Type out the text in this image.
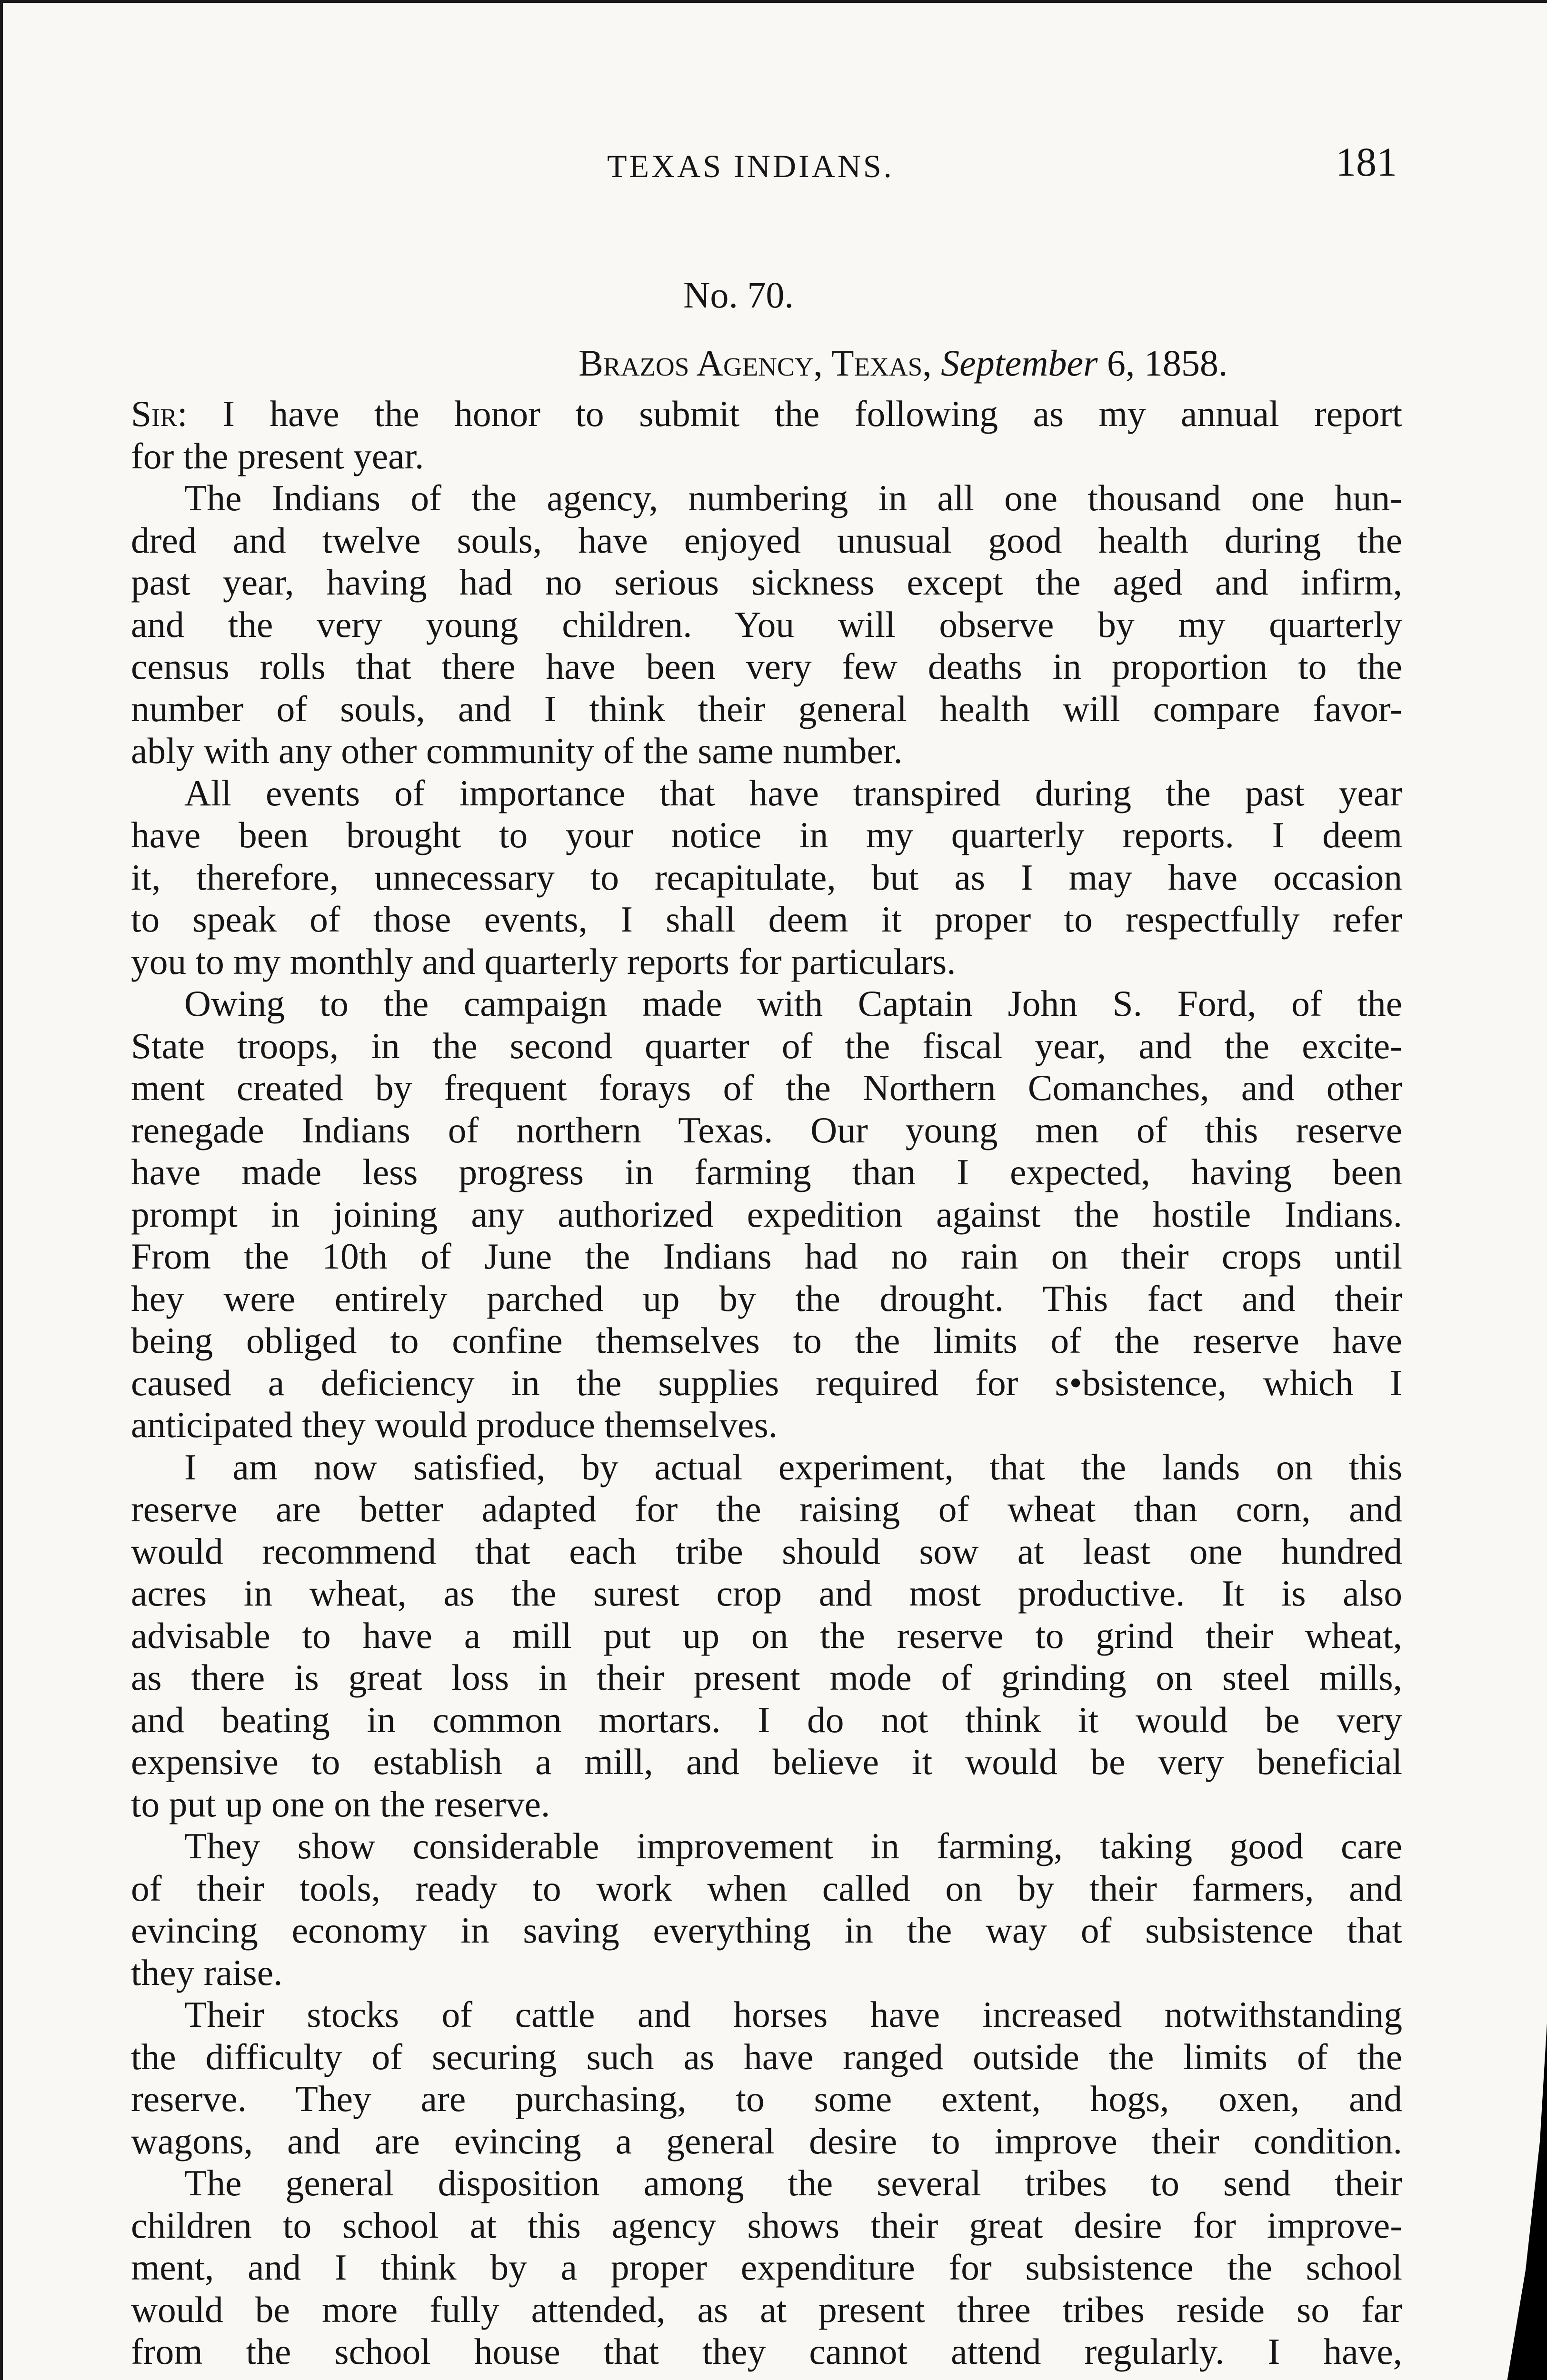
TEXAS INDIANS.	181
No. 70.
Brazos Agency, Texas, September 6, 1858.
Sir: I have the honor to submit the following as my annual report
for the present year.
The Indians of the agency, numbering in all one thousand one hun-
dred and twelve souls, have enjoyed unusual good health during the
past year, having had no serious sickness except the aged and infirm,
and the very young children. You will observe by my quarterly
census rolls that there have been very few deaths in proportion to the
number of souls, and I think their general health will compare favor-
ably with any other community of the same number.
All events of importance that have transpired during the past year
have been brought to your notice in my quarterly reports. I deem
it, therefore, unnecessary to recapitulate, but as I may have occasion
to speak of those events, I shall deem it proper to respectfully refer
you to my monthly and quarterly reports for particulars.
Owing to the campaign made with Captain John S. Ford, of the
State troops, in the second quarter of the fiscal year, and the excite-
ment created by frequent forays of the Northern Comanches, and other
renegade Indians of northern Texas. Our young men of this reserve
have made less progress in farming than I expected, having been
prompt in joining any authorized expedition against the hostile Indians.
From the 10th of June the Indians had no rain on their crops until
hey were entirely parched up by the drought. This fact and their
being obliged to confine themselves to the limits of the reserve have
caused a deficiency in the supplies required for s•bsistence, which I
anticipated they would produce themselves.
I am now satisfied, by actual experiment, that the lands on this
reserve are better adapted for the raising of wheat than corn, and
would recommend that each tribe should sow at least one hundred
acres in wheat, as the surest crop and most productive. It is also
advisable to have a mill put up on the reserve to grind their wheat,
as there is great loss in their present mode of grinding on steel mills,
and beating in common mortars. I do not think it would be very
expensive to establish a mill, and believe it would be very beneficial
to put up one on the reserve.
They show considerable improvement in farming, taking good care
of their tools, ready to work when called on by their farmers, and
evincing economy in saving everything in the way of subsistence that
they raise.
Their stocks of cattle and horses have increased notwithstanding
the difficulty of securing such as have ranged outside the limits of the
reserve. They are purchasing, to some extent, hogs, oxen, and
wagons, and are evincing a general desire to improve their condition.
The general disposition among the several tribes to send their
children to school at this agency shows their great desire for improve-
ment, and I think by a proper expenditure for subsistence the school
would be more fully attended, as at present three tribes reside so far
from the school house that they cannot attend regularly. I have,
